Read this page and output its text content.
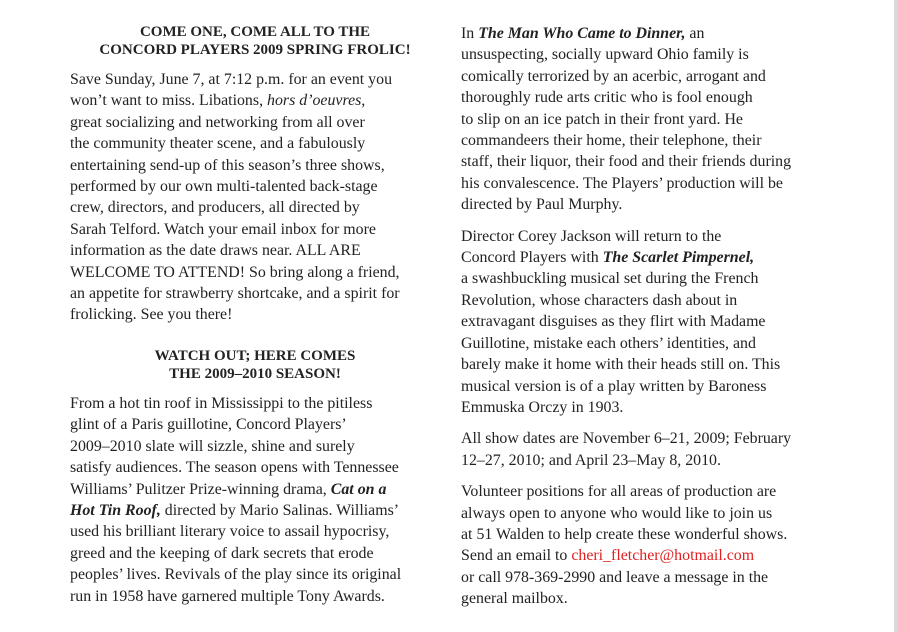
COME ONE, COME ALL TO THE
CONCORD PLAYERS 2009 SPRING FROLIC!

Save Sunday, June 7, at 7:12 p.m. for an event you
won’t want to miss. Libations, hors d’oeuvres,
great socializing and networking from all over
the community theater scene, and a fabulously
entertaining send-up of this season’s three shows,
performed by our own multi-talented back-stage
crew, directors, and producers, all directed by
Sarah Telford. Watch your email inbox for more
information as the date draws near. ALL ARE
WELCOME TO ATTEND! So bring along a friend,
an appetite for strawberry shortcake, and a spirit for
frolicking. See you there!

WATCH OUT; HERE COMES
THE 2009–2010 SEASON!

From a hot tin roof in Mississippi to the pitiless
glint of a Paris guillotine, Concord Players’
2009–2010 slate will sizzle, shine and surely
satisfy audiences. The season opens with Tennessee
Williams’ Pulitzer Prize-winning drama, Cat on a
Hot Tin Roof, directed by Mario Salinas. Williams’
used his brilliant literary voice to assail hypocrisy,
greed and the keeping of dark secrets that erode
peoples’ lives. Revivals of the play since its original
run in 1958 have garnered multiple Tony Awards.

In The Man Who Came to Dinner, an
unsuspecting, socially upward Ohio family is
comically terrorized by an acerbic, arrogant and
thoroughly rude arts critic who is fool enough
to slip on an ice patch in their front yard. He
commandeers their home, their telephone, their
staff, their liquor, their food and their friends during
his convalescence. The Players’ production will be
directed by Paul Murphy.

Director Corey Jackson will return to the
Concord Players with The Scarlet Pimpernel,
a swashbuckling musical set during the French
Revolution, whose characters dash about in
extravagant disguises as they flirt with Madame
Guillotine, mistake each others’ identities, and
barely make it home with their heads still on. This
musical version is of a play written by Baroness
Emmuska Orczy in 1903.

All show dates are November 6–21, 2009; February
12–27, 2010; and April 23–May 8, 2010.

Volunteer positions for all areas of production are
always open to anyone who would like to join us
at 51 Walden to help create these wonderful shows.
Send an email to cheri_fletcher@hotmail.com
or call 978-369-2990 and leave a message in the
general mailbox.
